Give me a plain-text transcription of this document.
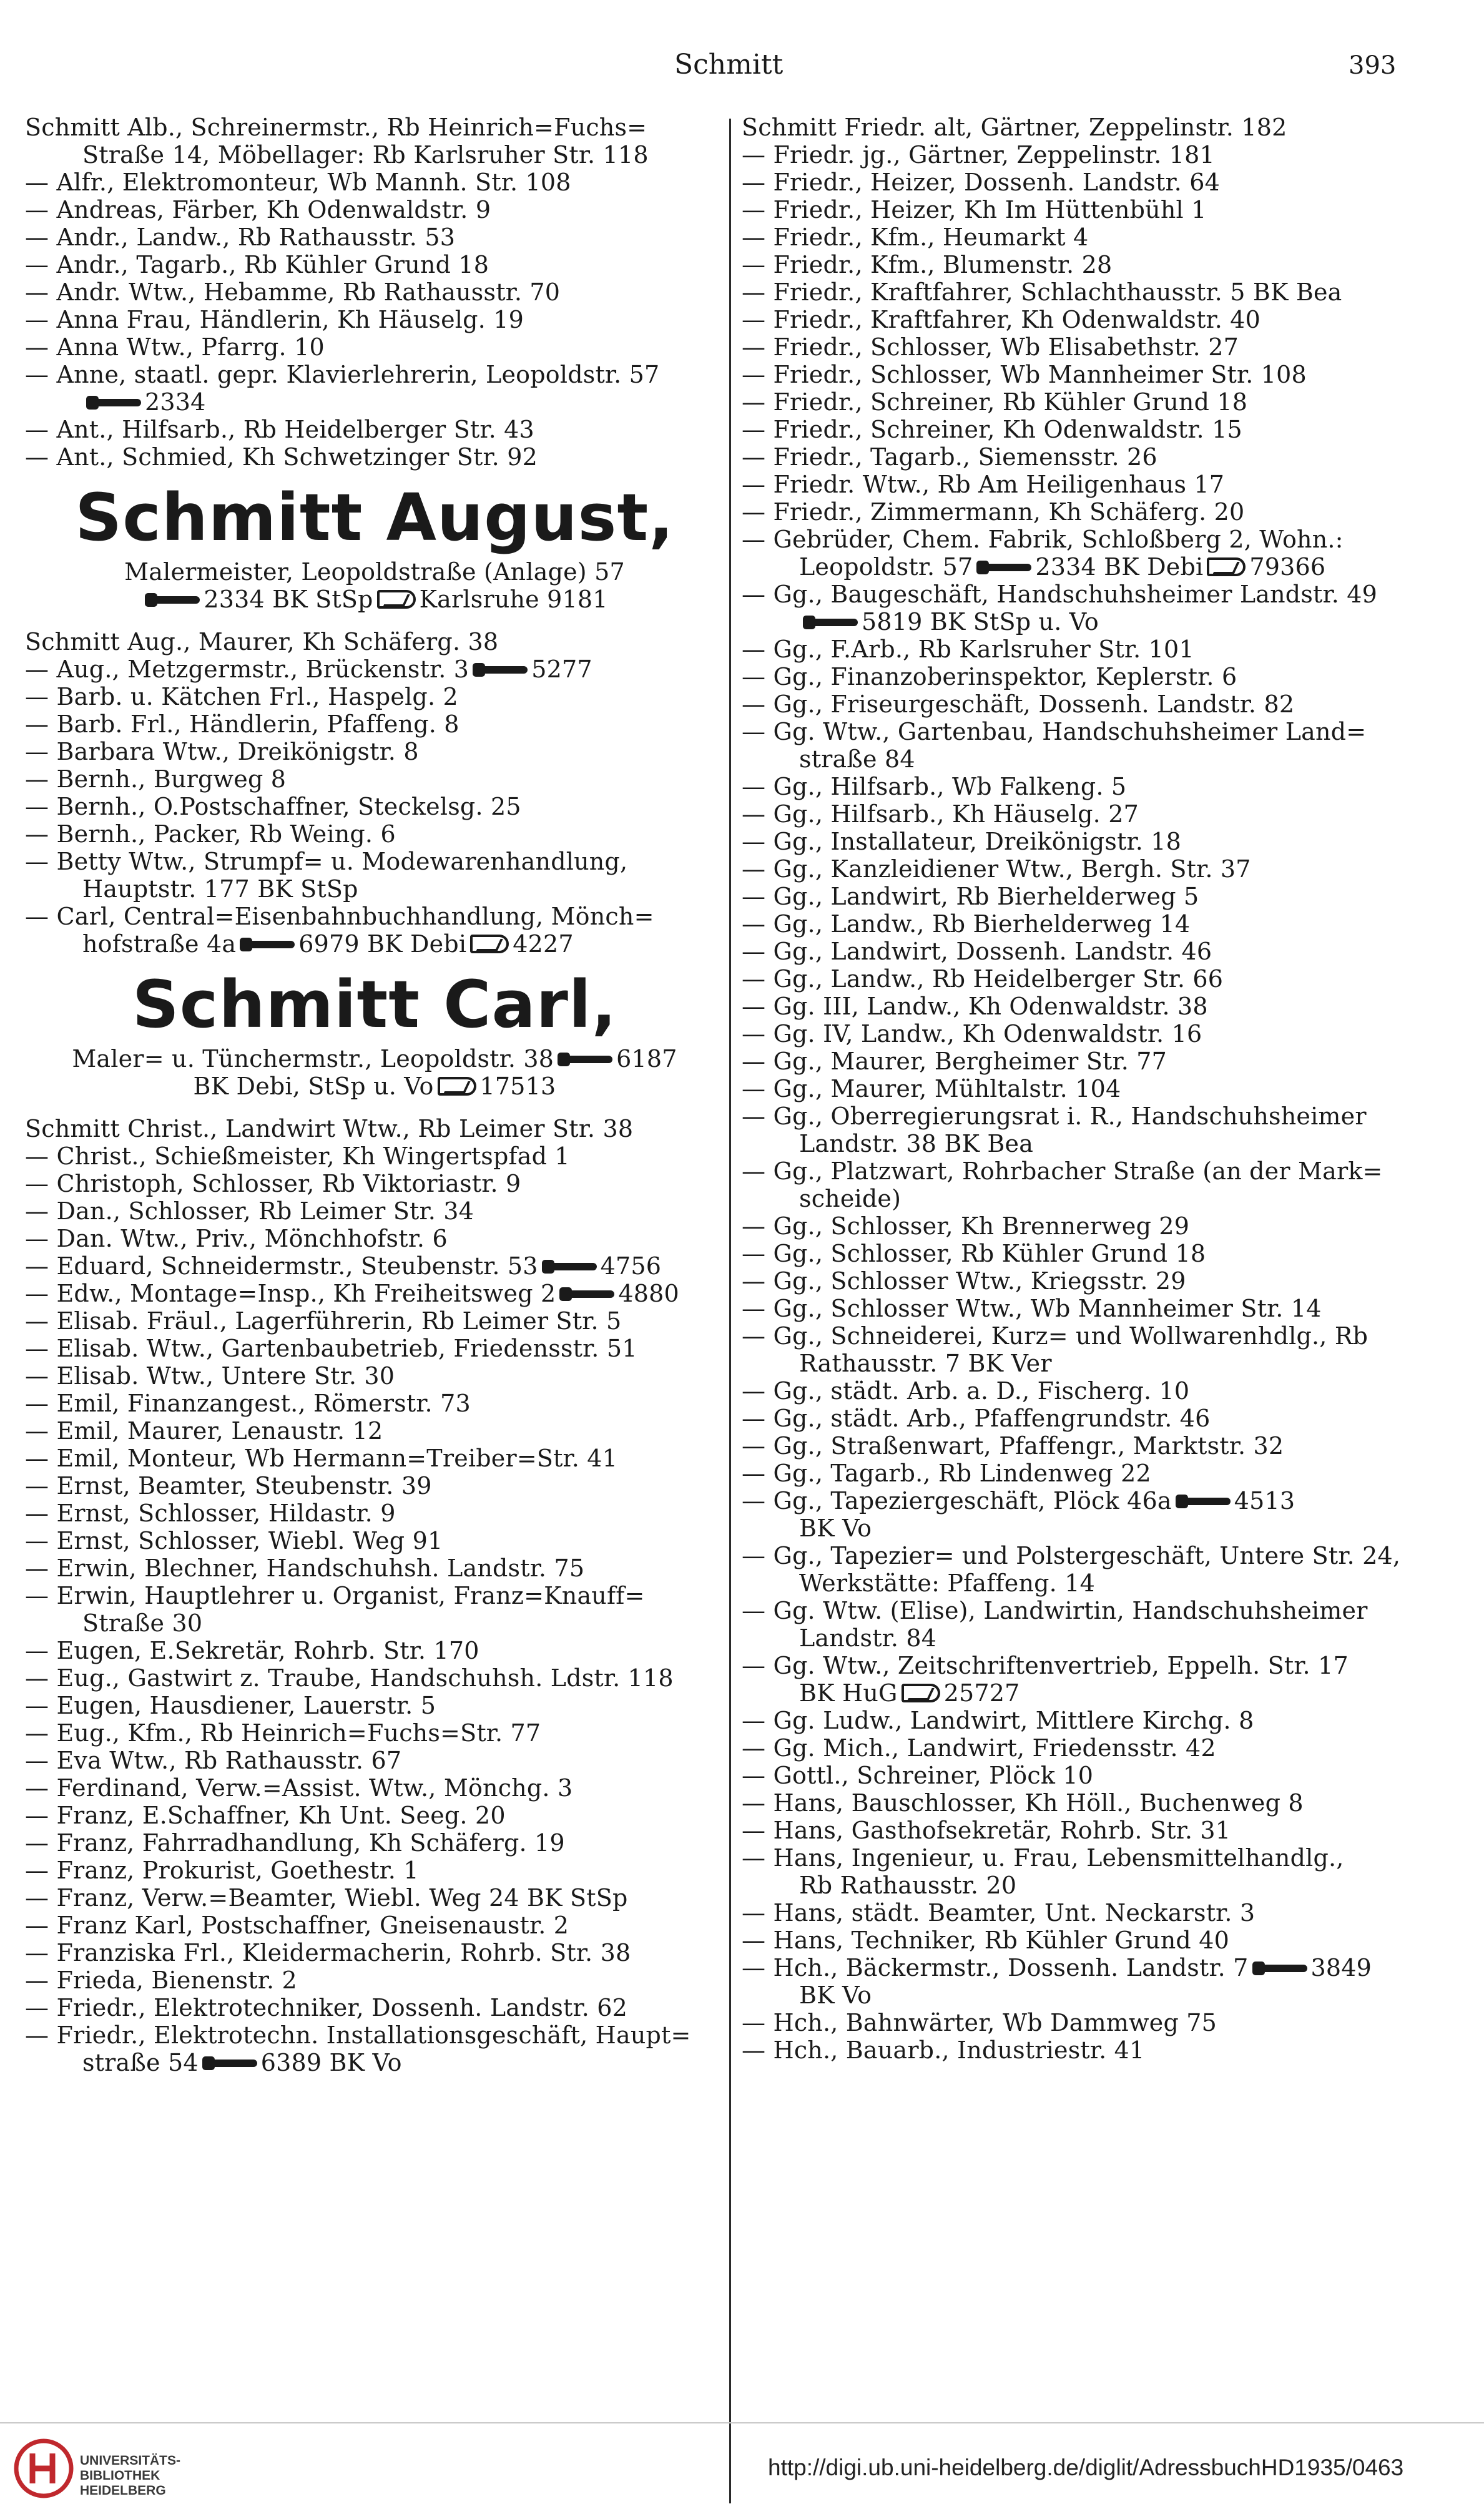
Schmitt	393
Schmitt Alb., Schreinermstr., Rb Heinrich=Fuchs=
Straße 14, Möbellager: Rb Karlsruher Str. 118
— Alfr., Elektromonteur, Wb Mannh. Str. 108
— Andreas, Färber, Kh Odenwaldstr. 9
— Andr., Landw., Rb Rathausstr. 53
— Andr., Tagarb., Rb Kühler Grund 18
— Andr. Wtw., Hebamme, Rb Rathausstr. 70
— Anna Frau, Händlerin, Kh Häuselg. 19
— Anna Wtw., Pfarrg. 10
— Anne, staatl. gepr. Klavierlehrerin, Leopoldstr. 57
2334
— Ant., Hilfsarb., Rb Heidelberger Str. 43
— Ant., Schmied, Kh Schwetzinger Str. 92
Schmitt August,
Malermeister, Leopoldstraße (Anlage) 57
2334 BK StSp Karlsruhe 9181
Schmitt Aug., Maurer, Kh Schäferg. 38
— Aug., Metzgermstr., Brückenstr. 3	5277
— Barb. u. Kätchen Frl., Haspelg. 2
— Barb. Frl., Händlerin, Pfaffeng. 8
— Barbara Wtw., Dreikönigstr. 8
— Bernh., Burgweg 8
— Bernh., O.Postschaffner, Steckelsg. 25
— Bernh., Packer, Rb Weing. 6
— Betty Wtw., Strumpf= u. Modewarenhandlung,
Hauptstr. 177 BK StSp
— Carl, Central=Eisenbahnbuchhandlung, Mönch=
hofstraße 4a	6979 BK Debi 4227
Schmitt Carl,
Maler= u. Tünchermstr., Leopoldstr. 38	6187
BK Debi, StSp u. Vo 17513
Schmitt Christ., Landwirt Wtw., Rb Leimer Str. 38
— Christ., Schießmeister, Kh Wingertspfad 1
— Christoph, Schlosser, Rb Viktoriastr. 9
— Dan., Schlosser, Rb Leimer Str. 34
— Dan. Wtw., Priv., Mönchhofstr. 6
— Eduard, Schneidermstr., Steubenstr. 53	4756
— Edw., Montage=Insp., Kh Freiheitsweg 2	4880
— Elisab. Fräul., Lagerführerin, Rb Leimer Str. 5
— Elisab. Wtw., Gartenbaubetrieb, Friedensstr. 51
— Elisab. Wtw., Untere Str. 30
— Emil, Finanzangest., Römerstr. 73
— Emil, Maurer, Lenaustr. 12
— Emil, Monteur, Wb Hermann=Treiber=Str. 41
— Ernst, Beamter, Steubenstr. 39
— Ernst, Schlosser, Hildastr. 9
— Ernst, Schlosser, Wiebl. Weg 91
— Erwin, Blechner, Handschuhsh. Landstr. 75
— Erwin, Hauptlehrer u. Organist, Franz=Knauff=
Straße 30
— Eugen, E.Sekretär, Rohrb. Str. 170
— Eug., Gastwirt z. Traube, Handschuhsh. Ldstr. 118
— Eugen, Hausdiener, Lauerstr. 5
— Eug., Kfm., Rb Heinrich=Fuchs=Str. 77
— Eva Wtw., Rb Rathausstr. 67
— Ferdinand, Verw.=Assist. Wtw., Mönchg. 3
— Franz, E.Schaffner, Kh Unt. Seeg. 20
— Franz, Fahrradhandlung, Kh Schäferg. 19
— Franz, Prokurist, Goethestr. 1
— Franz, Verw.=Beamter, Wiebl. Weg 24 BK StSp
— Franz Karl, Postschaffner, Gneisenaustr. 2
— Franziska Frl., Kleidermacherin, Rohrb. Str. 38
— Frieda, Bienenstr. 2
— Friedr., Elektrotechniker, Dossenh. Landstr. 62
— Friedr., Elektrotechn. Installationsgeschäft, Haupt=
straße 54	6389 BK Vo
Schmitt Friedr. alt, Gärtner, Zeppelinstr. 182
— Friedr. jg., Gärtner, Zeppelinstr. 181
— Friedr., Heizer, Dossenh. Landstr. 64
— Friedr., Heizer, Kh Im Hüttenbühl 1
— Friedr., Kfm., Heumarkt 4
— Friedr., Kfm., Blumenstr. 28
— Friedr., Kraftfahrer, Schlachthausstr. 5 BK Bea
— Friedr., Kraftfahrer, Kh Odenwaldstr. 40
— Friedr., Schlosser, Wb Elisabethstr. 27
— Friedr., Schlosser, Wb Mannheimer Str. 108
— Friedr., Schreiner, Rb Kühler Grund 18
— Friedr., Schreiner, Kh Odenwaldstr. 15
— Friedr., Tagarb., Siemensstr. 26
— Friedr. Wtw., Rb Am Heiligenhaus 17
— Friedr., Zimmermann, Kh Schäferg. 20
— Gebrüder, Chem. Fabrik, Schloßberg 2, Wohn.:
Leopoldstr. 57	2334 BK Debi 79366
— Gg., Baugeschäft, Handschuhsheimer Landstr. 49
5819 BK StSp u. Vo
— Gg., F.Arb., Rb Karlsruher Str. 101
— Gg., Finanzoberinspektor, Keplerstr. 6
— Gg., Friseurgeschäft, Dossenh. Landstr. 82
— Gg. Wtw., Gartenbau, Handschuhsheimer Land=
straße 84
— Gg., Hilfsarb., Wb Falkeng. 5
— Gg., Hilfsarb., Kh Häuselg. 27
— Gg., Installateur, Dreikönigstr. 18
— Gg., Kanzleidiener Wtw., Bergh. Str. 37
— Gg., Landwirt, Rb Bierhelderweg 5
— Gg., Landw., Rb Bierhelderweg 14
— Gg., Landwirt, Dossenh. Landstr. 46
— Gg., Landw., Rb Heidelberger Str. 66
— Gg. III, Landw., Kh Odenwaldstr. 38
— Gg. IV, Landw., Kh Odenwaldstr. 16
— Gg., Maurer, Bergheimer Str. 77
— Gg., Maurer, Mühltalstr. 104
— Gg., Oberregierungsrat i. R., Handschuhsheimer
Landstr. 38 BK Bea
— Gg., Platzwart, Rohrbacher Straße (an der Mark=
scheide)
— Gg., Schlosser, Kh Brennerweg 29
— Gg., Schlosser, Rb Kühler Grund 18
— Gg., Schlosser Wtw., Kriegsstr. 29
— Gg., Schlosser Wtw., Wb Mannheimer Str. 14
— Gg., Schneiderei, Kurz= und Wollwarenhdlg., Rb
Rathausstr. 7 BK Ver
— Gg., städt. Arb. a. D., Fischerg. 10
— Gg., städt. Arb., Pfaffengrundstr. 46
— Gg., Straßenwart, Pfaffengr., Marktstr. 32
— Gg., Tagarb., Rb Lindenweg 22
— Gg., Tapeziergeschäft, Plöck 46a	4513
BK Vo
— Gg., Tapezier= und Polstergeschäft, Untere Str. 24,
Werkstätte: Pfaffeng. 14
— Gg. Wtw. (Elise), Landwirtin, Handschuhsheimer
Landstr. 84
— Gg. Wtw., Zeitschriftenvertrieb, Eppelh. Str. 17
BK HuG 25727
— Gg. Ludw., Landwirt, Mittlere Kirchg. 8
— Gg. Mich., Landwirt, Friedensstr. 42
— Gottl., Schreiner, Plöck 10
— Hans, Bauschlosser, Kh Höll., Buchenweg 8
— Hans, Gasthofsekretär, Rohrb. Str. 31
— Hans, Ingenieur, u. Frau, Lebensmittelhandlg.,
Rb Rathausstr. 20
— Hans, städt. Beamter, Unt. Neckarstr. 3
— Hans, Techniker, Rb Kühler Grund 40
— Hch., Bäckermstr., Dossenh. Landstr. 7	3849
BK Vo
— Hch., Bahnwärter, Wb Dammweg 75
— Hch., Bauarb., Industriestr. 41
UNIVERSITÄTS-
BIBLIOTHEK
HEIDELBERG
http://digi.ub.uni-heidelberg.de/diglit/AdressbuchHD1935/0463
